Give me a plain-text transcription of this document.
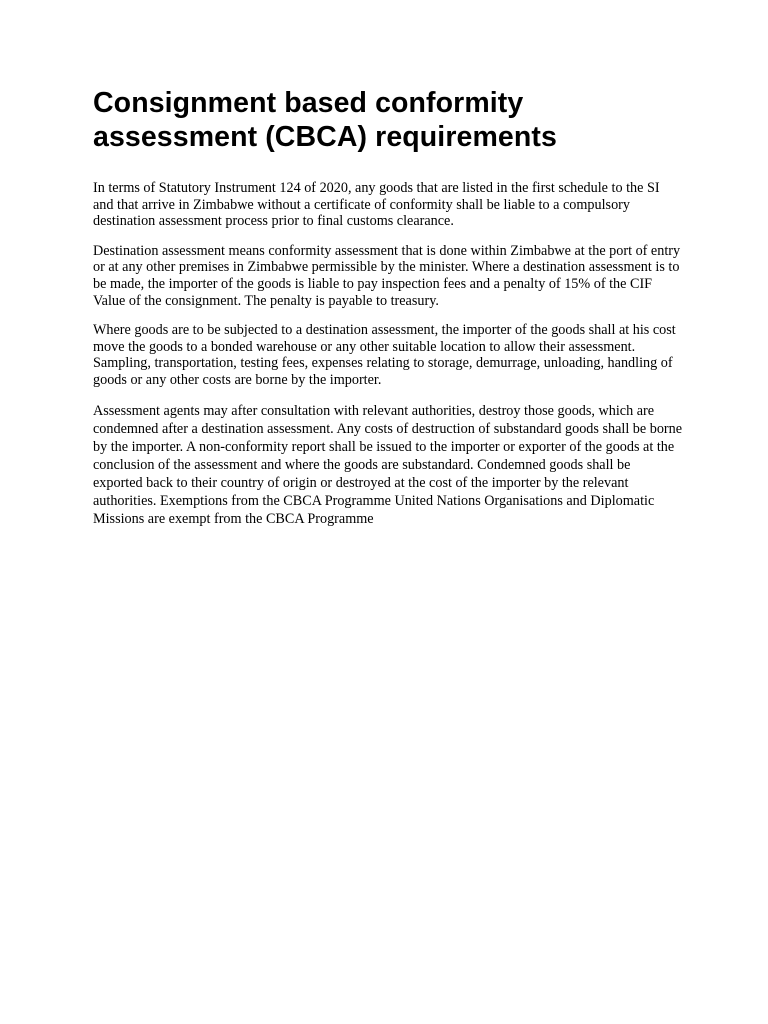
Consignment based conformity assessment (CBCA) requirements

In terms of Statutory Instrument 124 of 2020, any goods that are listed in the first schedule to the SI and that arrive in Zimbabwe without a certificate of conformity shall be liable to a compulsory destination assessment process prior to final customs clearance.

Destination assessment means conformity assessment that is done within Zimbabwe at the port of entry or at any other premises in Zimbabwe permissible by the minister. Where a destination assessment is to be made, the importer of the goods is liable to pay inspection fees and a penalty of 15% of the CIF Value of the consignment. The penalty is payable to treasury.

Where goods are to be subjected to a destination assessment, the importer of the goods shall at his cost move the goods to a bonded warehouse or any other suitable location to allow their assessment. Sampling, transportation, testing fees, expenses relating to storage, demurrage, unloading, handling of goods or any other costs are borne by the importer.

Assessment agents may after consultation with relevant authorities, destroy those goods, which are condemned after a destination assessment. Any costs of destruction of substandard goods shall be borne by the importer. A non-conformity report shall be issued to the importer or exporter of the goods at the conclusion of the assessment and where the goods are substandard. Condemned goods shall be exported back to their country of origin or destroyed at the cost of the importer by the relevant authorities. Exemptions from the CBCA Programme United Nations Organisations and Diplomatic Missions are exempt from the CBCA Programme
